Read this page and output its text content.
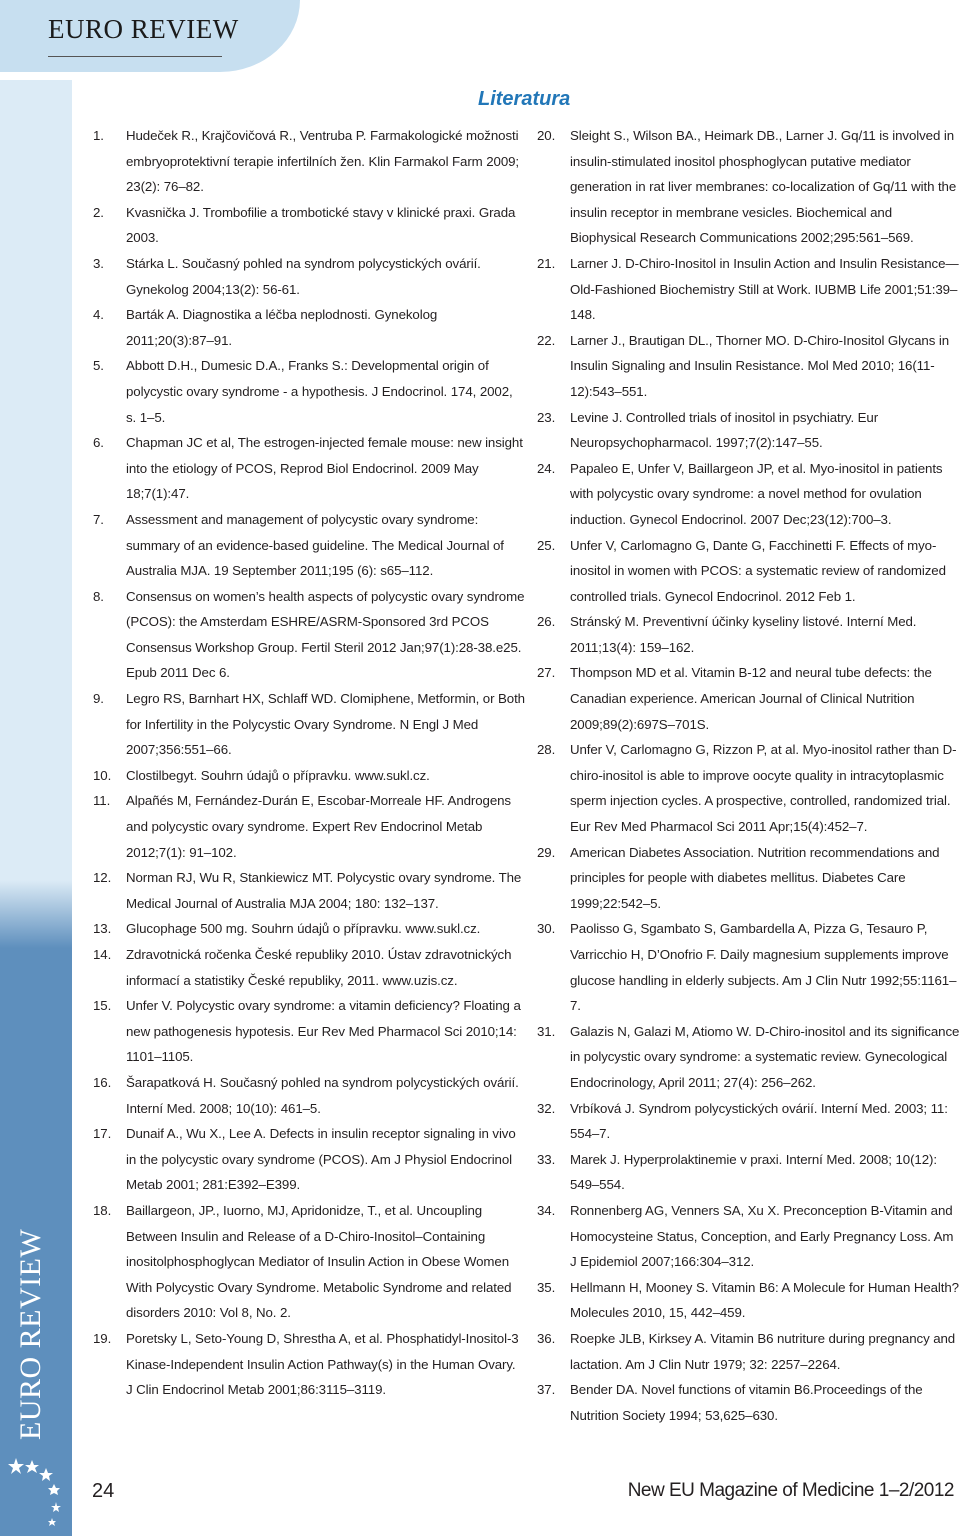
EURO REVIEW
EURO REVIEW
Literatura
1.	Hudeček R., Krajčovičová R., Ventruba P. Farmakologické možnosti embryoprotektivní terapie infertilních žen. Klin Farmakol Farm 2009; 23(2): 76–82.
2.	Kvasnička J. Trombofilie a trombotické stavy v klinické praxi. Grada 2003.
3.	Stárka L. Současný pohled na syndrom polycystických ovárií. Gynekolog 2004;13(2): 56-61.
4.	Barták A. Diagnostika a léčba neplodnosti. Gynekolog 2011;20(3):87–91.
5.	Abbott D.H., Dumesic D.A., Franks S.: Developmental origin of polycystic ovary syndrome - a hypothesis. J Endocrinol. 174, 2002, s. 1–5.
6.	Chapman JC et al, The estrogen-injected female mouse: new insight into the etiology of PCOS, Reprod Biol Endocrinol. 2009 May 18;7(1):47.
7.	Assessment and management of polycystic ovary syndrome: summary of an evidence-based guideline. The Medical Journal of Australia MJA. 19 September 2011;195 (6): s65–112.
8.	Consensus on women’s health aspects of polycystic ovary syndrome (PCOS): the Amsterdam ESHRE/ASRM-Sponsored 3rd PCOS Consensus Workshop Group. Fertil Steril 2012 Jan;97(1):28-38.e25. Epub 2011 Dec 6.
9.	Legro RS, Barnhart HX, Schlaff WD. Clomiphene, Metformin, or Both for Infertility in the Polycystic Ovary Syndrome. N Engl J Med 2007;356:551–66.
10.	Clostilbegyt. Souhrn údajů o přípravku. www.sukl.cz.
11.	Alpañés M, Fernández-Durán E, Escobar-Morreale HF. Androgens and polycystic ovary syndrome. Expert Rev Endocrinol Metab 2012;7(1): 91–102.
12.	Norman RJ, Wu R, Stankiewicz MT. Polycystic ovary syndrome. The Medical Journal of Australia MJA 2004; 180: 132–137.
13.	Glucophage 500 mg. Souhrn údajů o přípravku. www.sukl.cz.
14.	Zdravotnická ročenka České republiky 2010. Ústav zdravotnických informací a statistiky České republiky, 2011. www.uzis.cz.
15.	Unfer V. Polycystic ovary syndrome: a vitamin deficiency? Floating a new pathogenesis hypotesis. Eur Rev Med Pharmacol Sci 2010;14: 1101–1105.
16.	Šarapatková H. Současný pohled na syndrom polycystických ovárií. Interní Med. 2008; 10(10): 461–5.
17.	Dunaif A., Wu X., Lee A. Defects in insulin receptor signaling in vivo in the polycystic ovary syndrome (PCOS). Am J Physiol Endocrinol Metab 2001; 281:E392–E399.
18.	Baillargeon, JP., Iuorno, MJ, Apridonidze, T., et al. Uncoupling Between Insulin and Release of a D-Chiro-Inositol–Containing inositolphosphoglycan Mediator of Insulin Action in Obese Women With Polycystic Ovary Syndrome. Metabolic Syndrome and related disorders 2010: Vol 8, No. 2.
19.	Poretsky L, Seto-Young D, Shrestha A, et al. Phosphatidyl-Inositol-3 Kinase-Independent Insulin Action Pathway(s) in the Human Ovary. J Clin Endocrinol Metab 2001;86:3115–3119.
20.	Sleight S., Wilson BA., Heimark DB., Larner J. Gq/11 is involved in insulin-stimulated inositol phosphoglycan putative mediator generation in rat liver membranes: co-localization of Gq/11 with the insulin receptor in membrane vesicles. Biochemical and Biophysical Research Communications 2002;295:561–569.
21.	Larner J. D-Chiro-Inositol in Insulin Action and Insulin Resistance—Old-Fashioned Biochemistry Still at Work. IUBMB Life 2001;51:39–148.
22.	Larner J., Brautigan DL., Thorner MO. D-Chiro-Inositol Glycans in Insulin Signaling and Insulin Resistance. Mol Med 2010; 16(11-12):543–551.
23.	Levine J. Controlled trials of inositol in psychiatry. Eur Neuropsychopharmacol. 1997;7(2):147–55.
24.	Papaleo E, Unfer V, Baillargeon JP, et al. Myo-inositol in patients with polycystic ovary syndrome: a novel method for ovulation induction. Gynecol Endocrinol. 2007 Dec;23(12):700–3.
25.	Unfer V, Carlomagno G, Dante G, Facchinetti F. Effects of myo-inositol in women with PCOS: a systematic review of randomized controlled trials. Gynecol Endocrinol. 2012 Feb 1.
26.	Stránský M. Preventivní účinky kyseliny listové. Interní Med. 2011;13(4): 159–162.
27.	Thompson MD et al. Vitamin B-12 and neural tube defects: the Canadian experience. American Journal of Clinical Nutrition 2009;89(2):697S–701S.
28.	Unfer V, Carlomagno G, Rizzon P, at al. Myo-inositol rather than D-chiro-inositol is able to improve oocyte quality in intracytoplasmic sperm injection cycles. A prospective, controlled, randomized trial. Eur Rev Med Pharmacol Sci 2011 Apr;15(4):452–7.
29.	American Diabetes Association. Nutrition recommendations and principles for people with diabetes mellitus. Diabetes Care 1999;22:542–5.
30.	Paolisso G, Sgambato S, Gambardella A, Pizza G, Tesauro P, Varricchio H, D’Onofrio F. Daily magnesium supplements improve glucose handling in elderly subjects. Am J Clin Nutr 1992;55:1161–7.
31.	Galazis N, Galazi M, Atiomo W. D-Chiro-inositol and its significance in polycystic ovary syndrome: a systematic review. Gynecological Endocrinology, April 2011; 27(4): 256–262.
32.	Vrbíková J. Syndrom polycystických ovárií. Interní Med. 2003; 11: 554–7.
33.	Marek J. Hyperprolaktinemie v praxi. Interní Med. 2008; 10(12): 549–554.
34.	Ronnenberg AG, Venners SA, Xu X. Preconception B-Vitamin and Homocysteine Status, Conception, and Early Pregnancy Loss. Am J Epidemiol 2007;166:304–312.
35.	Hellmann H, Mooney S. Vitamin B6: A Molecule for Human Health? Molecules 2010, 15, 442–459.
36.	Roepke JLB, Kirksey A. Vitamin B6 nutriture during pregnancy and lactation. Am J Clin Nutr 1979; 32: 2257–2264.
37.	Bender DA. Novel functions of vitamin B6.Proceedings of the Nutrition Society 1994; 53,625–630.
24	New EU Magazine of Medicine 1–2/2012
